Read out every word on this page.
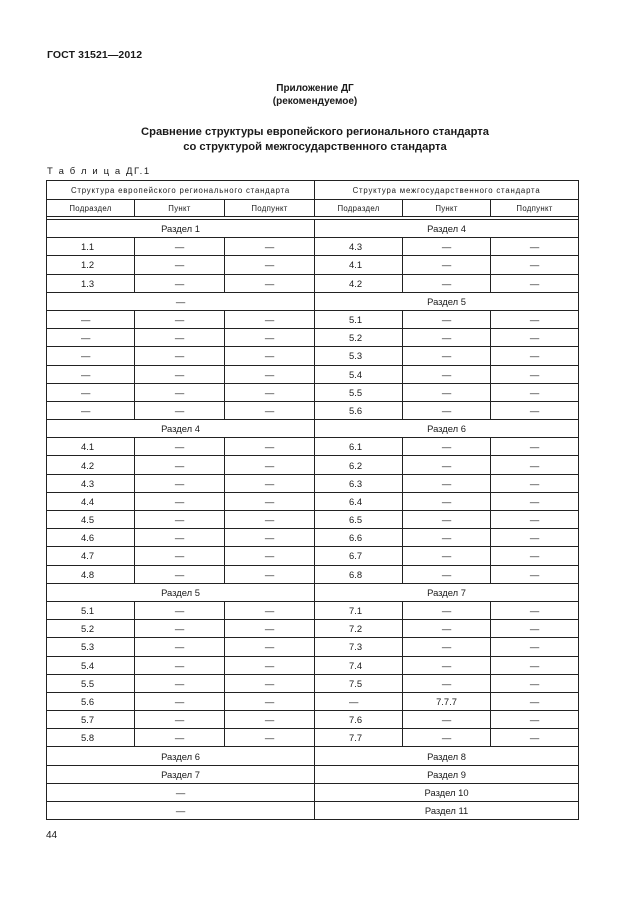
ГОСТ 31521—2012
Приложение ДГ
(рекомендуемое)
Сравнение структуры европейского регионального стандарта
со структурой межгосударственного стандарта
Т а б л и ц а ДГ.1
Структура европейского регионального стандарта			Структура межгосударственного стандарта		
Подраздел	Пункт	Подпункт	Подраздел	Пункт	Подпункт

Раздел 1			Раздел 4		
1.1	—	—	4.3	—	—
1.2	—	—	4.1	—	—
1.3	—	—	4.2	—	—
—			Раздел 5		
—	—	—	5.1	—	—
—	—	—	5.2	—	—
—	—	—	5.3	—	—
—	—	—	5.4	—	—
—	—	—	5.5	—	—
—	—	—	5.6	—	—
Раздел 4			Раздел 6		
4.1	—	—	6.1	—	—
4.2	—	—	6.2	—	—
4.3	—	—	6.3	—	—
4.4	—	—	6.4	—	—
4.5	—	—	6.5	—	—
4.6	—	—	6.6	—	—
4.7	—	—	6.7	—	—
4.8	—	—	6.8	—	—
Раздел 5			Раздел 7		
5.1	—	—	7.1	—	—
5.2	—	—	7.2	—	—
5.3	—	—	7.3	—	—
5.4	—	—	7.4	—	—
5.5	—	—	7.5	—	—
5.6	—	—	—	7.7.7	—
5.7	—	—	7.6	—	—
5.8	—	—	7.7	—	—
Раздел 6			Раздел 8		
Раздел 7			Раздел 9		
—			Раздел 10		
—			Раздел 11		
44
